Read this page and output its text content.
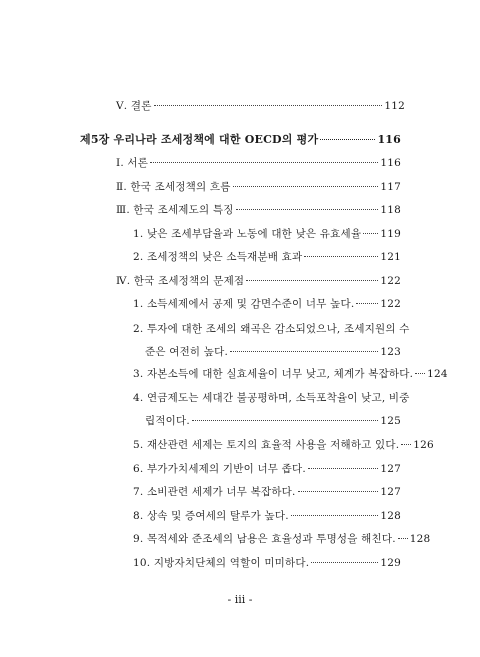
Ⅴ. 결론	112
제5장 우리나라 조세정책에 대한 OECD의 평가	116
Ⅰ. 서론	116
Ⅱ. 한국 조세정책의 흐름	117
Ⅲ. 한국 조세제도의 특징	118
1. 낮은 조세부담율과 노동에 대한 낮은 유효세율 119
2. 조세정책의 낮은 소득재분배 효과	121
Ⅳ. 한국 조세정책의 문제점	122
1. 소득세제에서 공제 및 감면수준이 너무 높다. 122
2. 투자에 대한 조세의 왜곡은 감소되었으나, 조세지원의 수
준은 여전히 높다.	123
3. 자본소득에 대한 실효세율이 너무 낮고, 체계가 복잡하다. 124
4. 연금제도는 세대간 불공평하며, 소득포착율이 낮고, 비중
립적이다.	125
5. 재산관련 세제는 토지의 효율적 사용을 저해하고 있다. 126
6. 부가가치세제의 기반이 너무 좁다.	127
7. 소비관련 세제가 너무 복잡하다.	127
8. 상속 및 증여세의 탈루가 높다.	128
9. 목적세와 준조세의 남용은 효율성과 투명성을 해친다. 128
10. 지방자치단체의 역할이 미미하다.	129
- iii -
